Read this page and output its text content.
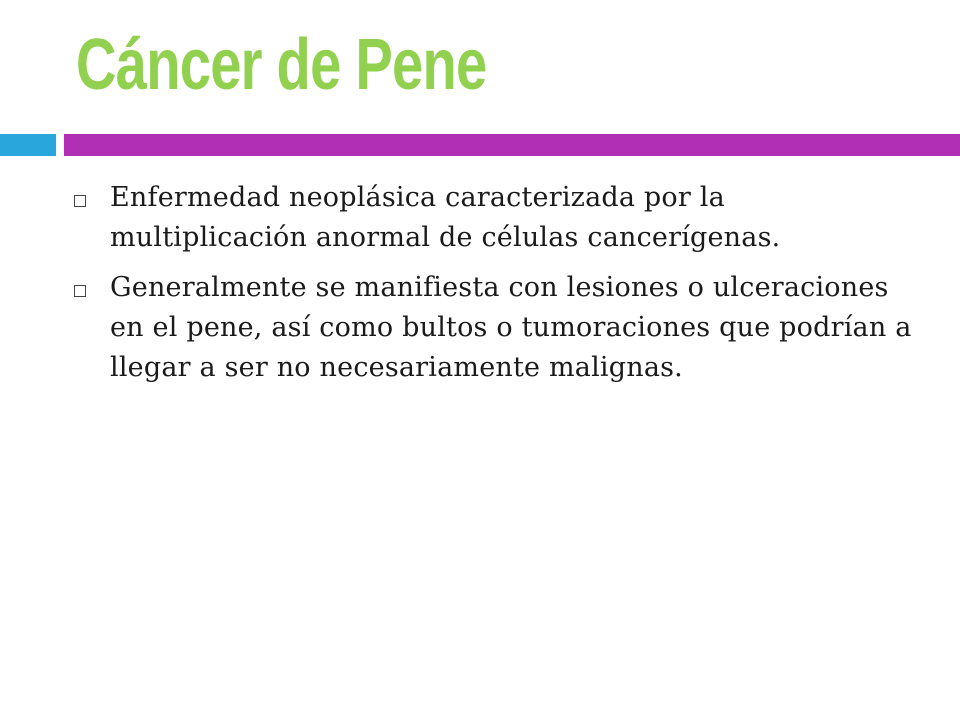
Cáncer de Pene
Enfermedad neoplásica caracterizada por la multiplicación anormal de células cancerígenas.
Generalmente se manifiesta con lesiones o ulceraciones en el pene, así como bultos o tumoraciones que podrían a llegar a ser no necesariamente malignas.
